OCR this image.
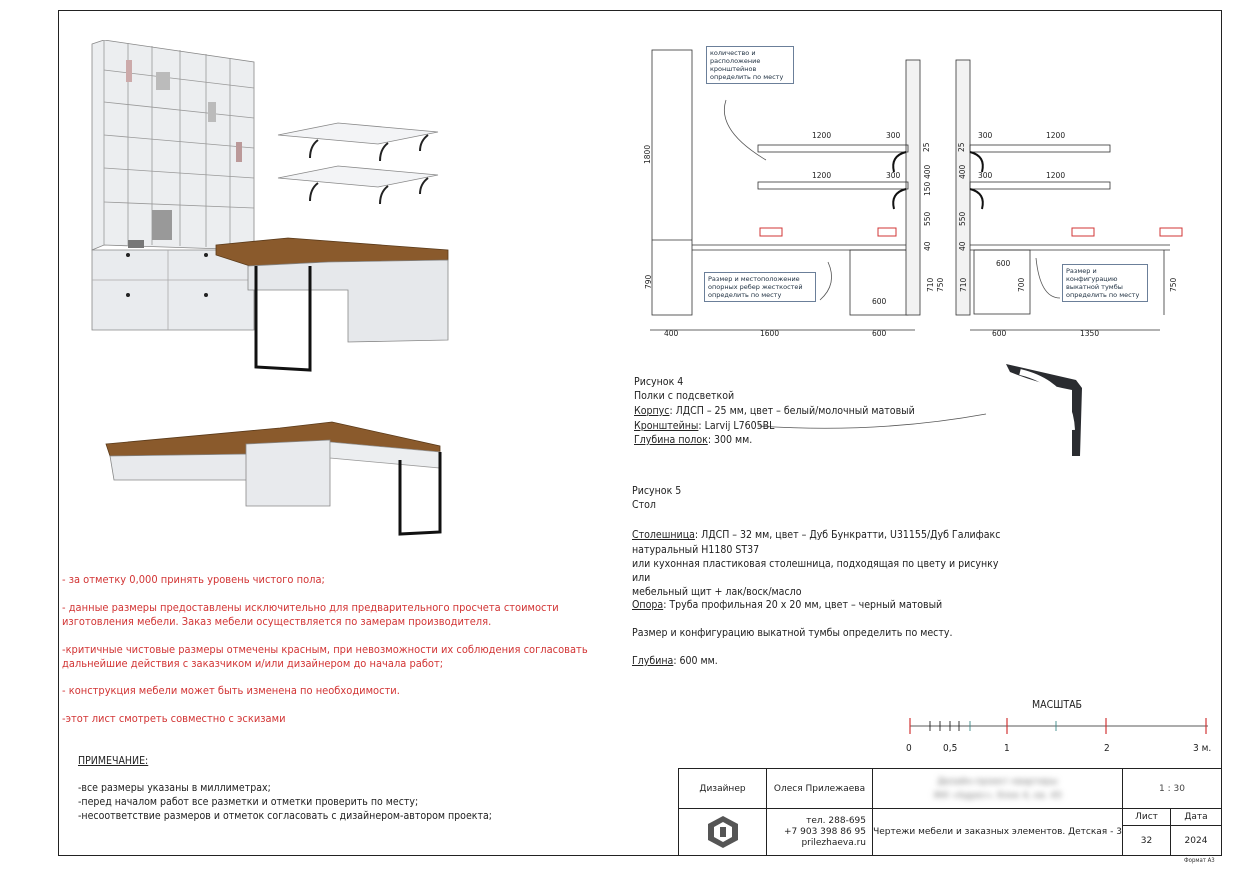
1200	300
1200	300
300	1200
300	1200
400	1600	600
600
600
600
1350
790
1800
710 750 710	700	750
550	550
400	400
25	25
150
40	40
количество и расположение кронштейнов определить по месту
Размер и местоположение опорных ребер жесткостей определить по месту
Размер и конфигурацию выкатной тумбы определить по месту
Рисунок 4
Полки с подсветкой
Корпус: ЛДСП – 25 мм, цвет – белый/молочный матовый
Кронштейны: Larvij L7605BL
Глубина полок: 300 мм.
Рисунок 5
Стол
Столешница: ЛДСП – 32 мм, цвет – Дуб Бункратти, U31155/Дуб Галифакс
натуральный H1180 ST37
или кухонная пластиковая столешница, подходящая по цвету и рисунку
или
мебельный щит + лак/воск/масло
Опора: Труба профильная 20 х 20 мм, цвет – черный матовый
Размер и конфигурацию выкатной тумбы определить по месту.
Глубина: 600 мм.
- за отметку 0,000 принять уровень чистого пола;
- данные размеры предоставлены исключительно для предварительного просчета стоимости
изготовления мебели. Заказ мебели осуществляется по замерам производителя.
-критичные чистовые размеры отмечены красным, при невозможности их соблюдения согласовать
дальнейшие действия с заказчиком и/или дизайнером до начала работ;
- конструкция мебели может быть изменена по необходимости.
-этот лист смотреть совместно с эскизами
ПРИМЕЧАНИЕ:
-все размеры указаны в миллиметрах;
-перед началом работ все разметки и отметки проверить по месту;
-несоответствие размеров и отметок согласовать с дизайнером-автором проекта;
МАСШТАБ
0	0,5	1	2	3 м.
Дизайнер	Олеся Прилежаева
тел. 288-695
+7 903 398 86 95
prilezhaeva.ru
Дизайн-проект квартиры
ЖК «Адрес», блок 4, кв. 45
Чертежи мебели и заказных элементов. Детская - 3
1 : 30
Лист	Дата
32	2024
Формат А3
